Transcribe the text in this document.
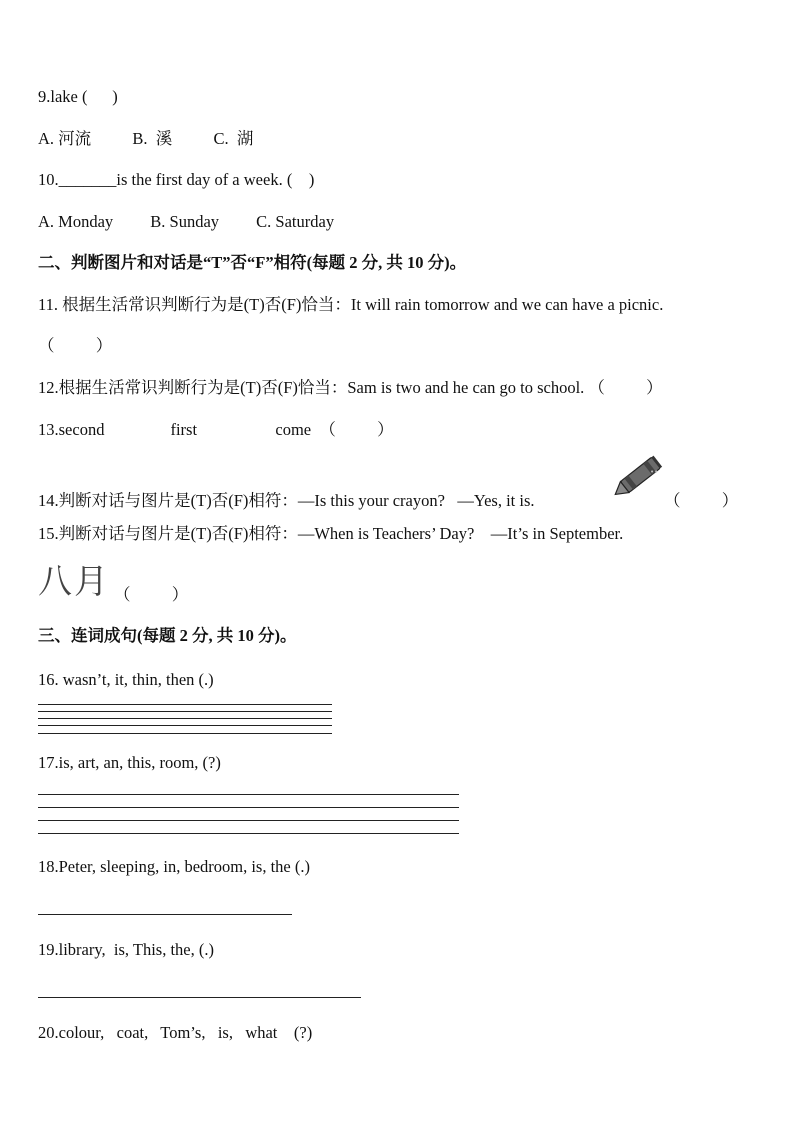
9.lake (      )
A. 河流          B.  溪          C.  湖
10._______is the first day of a week. (    )
A. Monday         B. Sunday         C. Saturday
二、判断图片和对话是“T”否“F”相符(每题 2 分, 共 10 分)。
11. 根据生活常识判断行为是(T)否(F)恰当：It will rain tomorrow and we can have a picnic.
（          ）
12.根据生活常识判断行为是(T)否(F)恰当：Sam is two and he can go to school. （          ）
13.second                first                   come  （          ）
14.判断对话与图片是(T)否(F)相符：—Is this your crayon?   —Yes, it is.
••
（          ）
15.判断对话与图片是(T)否(F)相符：—When is Teachers’ Day?    —It’s in September.
八月 （          ）
三、连词成句(每题 2 分, 共 10 分)。
16. wasn’t, it, thin, then (.)
17.is, art, an, this, room, (?)
18.Peter, sleeping, in, bedroom, is, the (.)
19.library,  is, This, the, (.)
20.colour,   coat,   Tom’s,   is,   what    (?)
